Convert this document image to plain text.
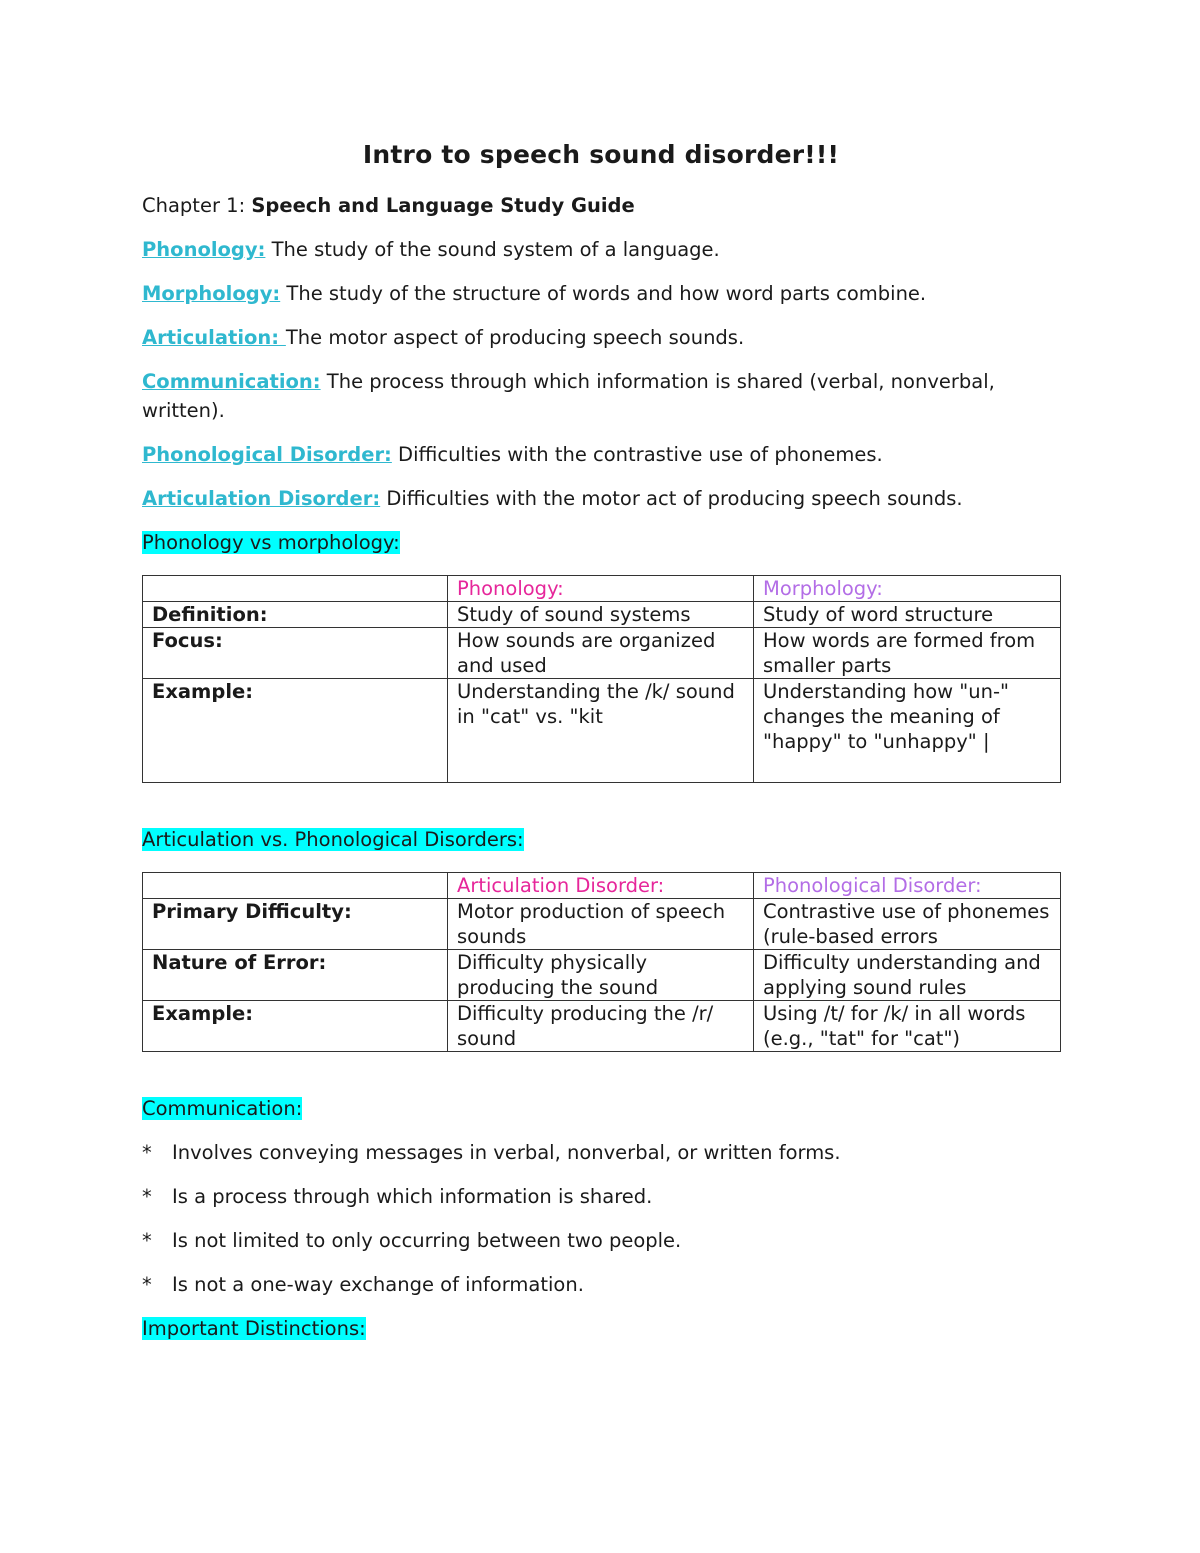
Intro to speech sound disorder!!!
Chapter 1: Speech and Language Study Guide
Phonology: The study of the sound system of a language.
Morphology: The study of the structure of words and how word parts combine.
Articulation: The motor aspect of producing speech sounds.
Communication: The process through which information is shared (verbal, nonverbal, written).
Phonological Disorder: Difficulties with the contrastive use of phonemes.
Articulation Disorder: Difficulties with the motor act of producing speech sounds.
Phonology vs morphology:
	Phonology:	Morphology:
Definition:	Study of sound systems	Study of word structure
Focus:	How sounds are organized and used	How words are formed from smaller parts
Example:	Understanding the /k/ sound in "cat" vs. "kit	Understanding how "un-" changes the meaning of "happy" to "unhappy" |
Articulation vs. Phonological Disorders:
	Articulation Disorder:	Phonological Disorder:
Primary Difficulty:	Motor production of speech sounds	Contrastive use of phonemes (rule-based errors
Nature of Error:	Difficulty physically producing the sound	Difficulty understanding and applying sound rules
Example:	Difficulty producing the /r/ sound	Using /t/ for /k/ in all words (e.g., "tat" for "cat")
Communication:
*	Involves conveying messages in verbal, nonverbal, or written forms.
*	Is a process through which information is shared.
*	Is not limited to only occurring between two people.
*	Is not a one-way exchange of information.
Important Distinctions:
